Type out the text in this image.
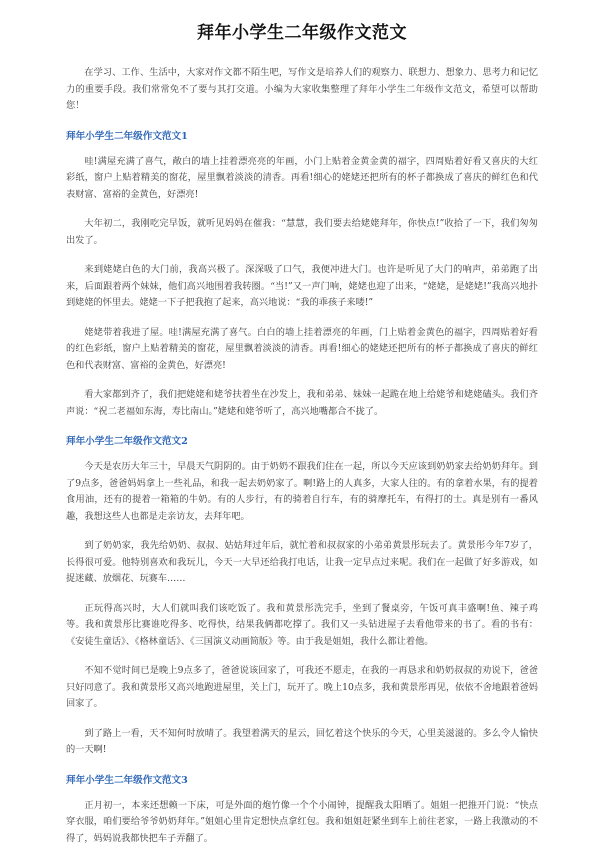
拜年小学生二年级作文范文

在学习、工作、生活中，大家对作文都不陌生吧，写作文是培养人们的观察力、联想力、想象力、思考力和记忆力的重要手段。我们常常免不了要与其打交道。小编为大家收集整理了拜年小学生二年级作文范文，希望可以帮助您！

拜年小学生二年级作文范文1

哇!满屋充满了喜气，敞白的墙上挂着漂亮亮的年画，小门上贴着金黄金黄的福字，四周贴着好看又喜庆的大红彩纸，窗户上贴着精美的窗花，屋里飘着淡淡的清香。再看!细心的姥姥还把所有的杯子都换成了喜庆的鲜红色和代表财富、富裕的金黄色，好漂亮!

大年初二，我刚吃完早饭，就听见妈妈在催我：“慧慧，我们要去给姥姥拜年，你快点!”收拾了一下，我们匆匆出发了。

来到姥姥白色的大门前，我高兴极了。深深吸了口气，我便冲进大门。也许是听见了大门的响声，弟弟跑了出来，后面跟着两个妹妹，他们高兴地围着我转圈。“当!”又一声门响，姥姥也迎了出来，“姥姥，是姥姥!”我高兴地扑到姥姥的怀里去。姥姥一下子把我抱了起来，高兴地说：“我的乖孩子来喽!”

姥姥带着我进了屋。哇!满屋充满了喜气。白白的墙上挂着漂亮的年画，门上贴着金黄色的福字，四周贴着好看的红色彩纸，窗户上贴着精美的窗花，屋里飘着淡淡的清香。再看!细心的姥姥还把所有的杯子都换成了喜庆的鲜红色和代表财富、富裕的金黄色，好漂亮!

看大家都到齐了，我们把姥姥和姥爷扶着坐在沙发上，我和弟弟、妹妹一起跪在地上给姥爷和姥姥磕头。我们齐声说：“祝二老福如东海，寿比南山。”姥姥和姥爷听了，高兴地嘴都合不拢了。

拜年小学生二年级作文范文2

今天是农历大年三十，早晨天气阴阴的。由于奶奶不跟我们住在一起，所以今天应该到奶奶家去给奶奶拜年。到了9点多，爸爸妈妈拿上一些礼品，和我一起去奶奶家了。啊!路上的人真多，大家人往的。有的拿着水果，有的提着食用油，还有的提着一箱箱的牛奶。有的人步行，有的骑着自行车，有的骑摩托车，有得打的士。真是别有一番风趣，我想这些人也都是走亲访友，去拜年吧。

到了奶奶家，我先给奶奶、叔叔、姑姑拜过年后，就忙着和叔叔家的小弟弟黄景彤玩去了。黄景彤今年7岁了，长得很可爱。他特别喜欢和我玩儿，今天一大早还给我打电话，让我一定早点过来呢。我们在一起做了好多游戏，如捉迷藏、放烟花、玩赛车……

正玩得高兴时，大人们就叫我们该吃饭了。我和黄景彤洗完手，坐到了餐桌旁，午饭可真丰盛啊!鱼、辣子鸡等。我和黄景彤比赛谁吃得多、吃得快，结果我俩都吃撑了。我们又一头钻进屋子去看他带来的书了。看的书有：《安徒生童话》、《格林童话》、《三国演义动画简版》等。由于我是姐姐，我什么都让着他。

不知不觉时间已是晚上9点多了，爸爸说该回家了，可我还不愿走，在我的一再恳求和奶奶叔叔的劝说下，爸爸只好同意了。我和黄景彤又高兴地跑进屋里，关上门，玩开了。晚上10点多，我和黄景彤再见，依依不舍地跟着爸妈回家了。

到了路上一看，天不知何时放晴了。我望着满天的星云，回忆着这个快乐的今天，心里美滋滋的。多么令人愉快的一天啊!

拜年小学生二年级作文范文3

正月初一，本来还想赖一下床，可是外面的炮竹像一个个小闹钟，提醒我太阳晒了。姐姐一把推开门说：“快点穿衣服，咱们要给爷爷奶奶拜年。”姐姐心里肯定想快点拿红包。我和姐姐赶紧坐到车上前往老家，一路上我激动的不得了，妈妈说我都快把车子弄翻了。
